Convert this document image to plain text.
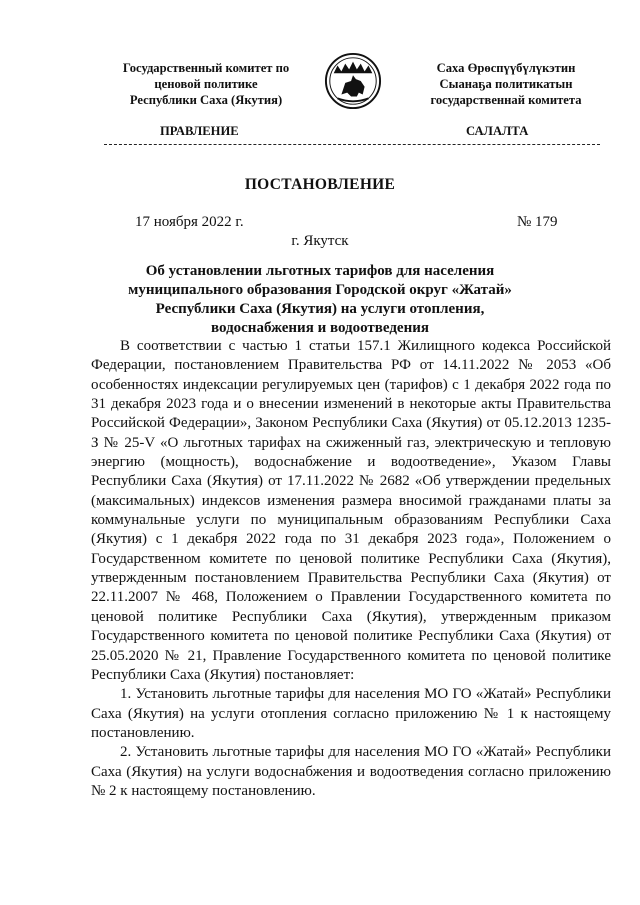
Государственный комитет по
ценовой политике
Республики Саха (Якутия)
Саха Өрөспүүбүлүкэтин
Сыанаҕа политикатын
государственнай комитета
ПРАВЛЕНИЕ	САЛАЛТА
ПОСТАНОВЛЕНИЕ
17 ноября 2022 г.	№ 179
г. Якутск
Об установлении льготных тарифов для населения муниципального образования Городской округ «Жатай» Республики Саха (Якутия) на услуги отопления, водоснабжения и водоотведения

В соответствии с частью 1 статьи 157.1 Жилищного кодекса Российской Федерации, постановлением Правительства РФ от 14.11.2022 № 2053 «Об особенностях индексации регулируемых цен (тарифов) с 1 декабря 2022 года по 31 декабря 2023 года и о внесении изменений в некоторые акты Правительства Российской Федерации», Законом Республики Саха (Якутия) от 05.12.2013 1235-З № 25-V «О льготных тарифах на сжиженный газ, электрическую и тепловую энергию (мощность), водоснабжение и водоотведение», Указом Главы Республики Саха (Якутия) от 17.11.2022 № 2682 «Об утверждении предельных (максимальных) индексов изменения размера вносимой гражданами платы за коммунальные услуги по муниципальным образованиям Республики Саха (Якутия) с 1 декабря 2022 года по 31 декабря 2023 года», Положением о Государственном комитете по ценовой политике Республики Саха (Якутия), утвержденным постановлением Правительства Республики Саха (Якутия) от 22.11.2007 № 468, Положением о Правлении Государственного комитета по ценовой политике Республики Саха (Якутия), утвержденным приказом Государственного комитета по ценовой политике Республики Саха (Якутия) от 25.05.2020 № 21, Правление Государственного комитета по ценовой политике Республики Саха (Якутия) постановляет:

1. Установить льготные тарифы для населения МО ГО «Жатай» Республики Саха (Якутия) на услуги отопления согласно приложению № 1 к настоящему постановлению.

2. Установить льготные тарифы для населения МО ГО «Жатай» Республики Саха (Якутия) на услуги водоснабжения и водоотведения согласно приложению № 2 к настоящему постановлению.
